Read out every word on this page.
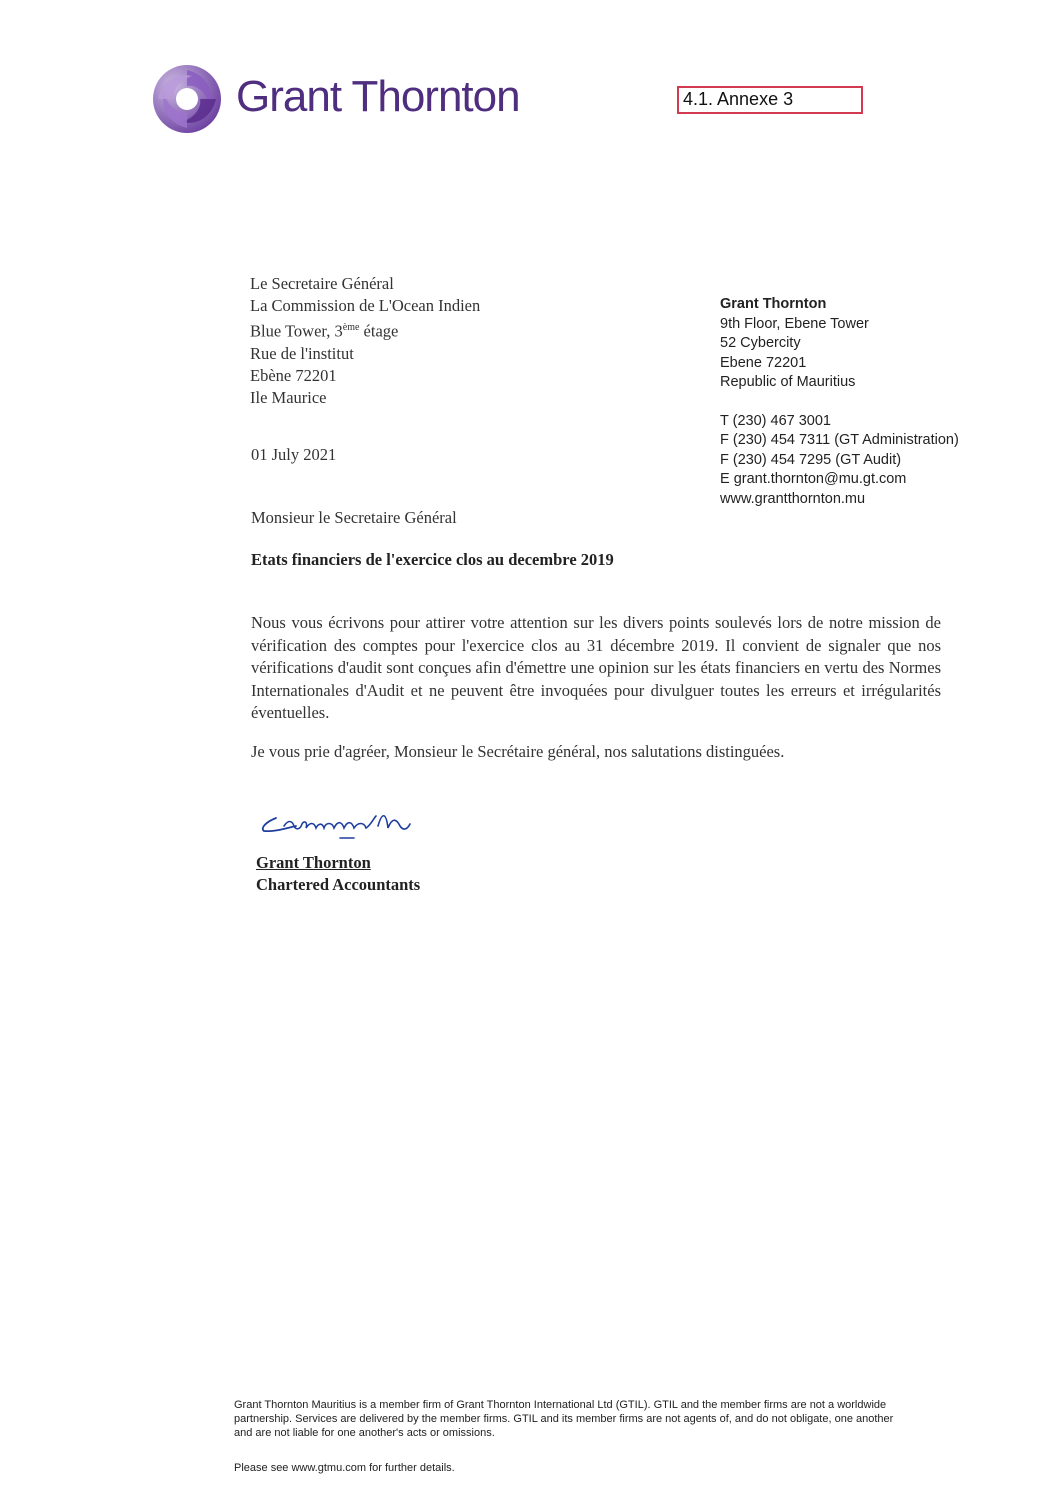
Grant Thornton	4.1. Annexe 3
Le Secretaire Général
La Commission de L'Ocean Indien
Blue Tower, 3ème étage
Rue de l'institut
Ebène 72201
Ile Maurice
Grant Thornton
9th Floor, Ebene Tower
52 Cybercity
Ebene 72201
Republic of Mauritius
T (230) 467 3001
F (230) 454 7311 (GT Administration)
F (230) 454 7295 (GT Audit)
E grant.thornton@mu.gt.com
www.grantthornton.mu
01 July 2021
Monsieur le Secretaire Général
Etats financiers de l'exercice clos au decembre 2019

Nous vous écrivons pour attirer votre attention sur les divers points soulevés lors de notre mission de vérification des comptes pour l'exercice clos au 31 décembre 2019. Il convient de signaler que nos vérifications d'audit sont conçues afin d'émettre une opinion sur les états financiers en vertu des Normes Internationales d'Audit et ne peuvent être invoquées pour divulguer toutes les erreurs et irrégularités éventuelles.

Je vous prie d'agréer, Monsieur le Secrétaire général, nos salutations distinguées.

Grant Thornton
Chartered Accountants

Grant Thornton Mauritius is a member firm of Grant Thornton International Ltd (GTIL). GTIL and the member firms are not a worldwide partnership. Services are delivered by the member firms. GTIL and its member firms are not agents of, and do not obligate, one another and are not liable for one another's acts or omissions.

Please see www.gtmu.com for further details.
